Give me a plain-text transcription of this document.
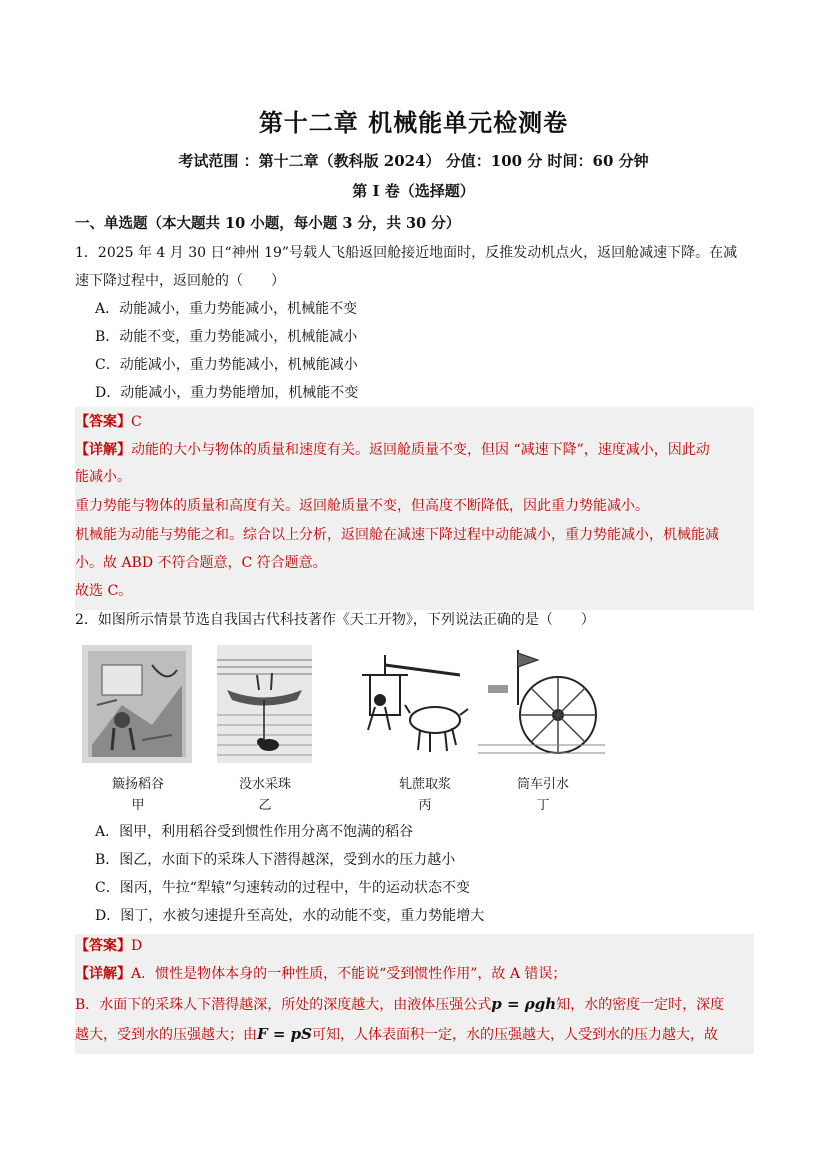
第十二章 机械能单元检测卷
考试范围 ：第十二章（教科版 2024） 分值：100 分 时间：60 分钟
第 I 卷（选择题）
一、单选题（本大题共 10 小题，每小题 3 分，共 30 分）
1．2025 年 4 月 30 日“神州 19”号载人飞船返回舱接近地面时，反推发动机点火，返回舱减速下降。在减
速下降过程中，返回舱的（　　）
A．动能减小，重力势能减小，机械能不变
B．动能不变，重力势能减小，机械能减小
C．动能减小，重力势能减小，机械能减小
D．动能减小，重力势能增加，机械能不变
【答案】C
【详解】动能的大小与物体的质量和速度有关。返回舱质量不变，但因 “减速下降”，速度减小，因此动
能减小。
重力势能与物体的质量和高度有关。返回舱质量不变，但高度不断降低，因此重力势能减小。
机械能为动能与势能之和。综合以上分析，返回舱在减速下降过程中动能减小，重力势能减小，机械能减
小。故 ABD 不符合题意，C 符合题意。
故选 C。
2．如图所示情景节选自我国古代科技著作《天工开物》，下列说法正确的是（　　）
簸扬稻谷
甲
没水采珠
乙
轧蔗取浆
丙
筒车引水
丁
A．图甲，利用稻谷受到惯性作用分离不饱满的稻谷
B．图乙，水面下的采珠人下潜得越深，受到水的压力越小
C．图丙，牛拉“犁辕”匀速转动的过程中，牛的运动状态不变
D．图丁，水被匀速提升至高处，水的动能不变，重力势能增大
【答案】D
【详解】A．惯性是物体本身的一种性质，不能说“受到惯性作用”，故 A 错误；
B．水面下的采珠人下潜得越深，所处的深度越大，由液体压强公式p = ρgh知，水的密度一定时，深度
越大，受到水的压强越大；由F = pS可知，人体表面积一定，水的压强越大，人受到水的压力越大，故
